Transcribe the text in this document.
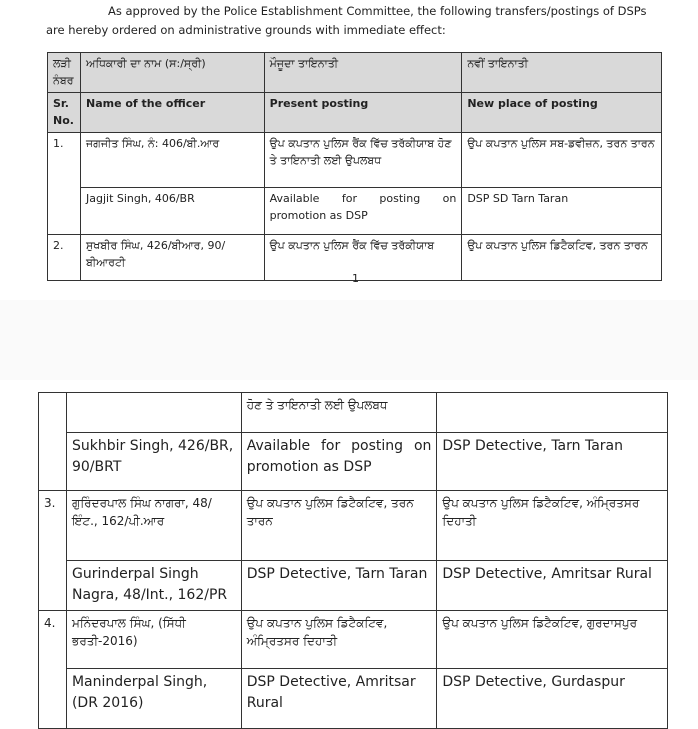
As approved by the Police Establishment Committee, the following transfers/postings of DSPs
are hereby ordered on administrative grounds with immediate effect:
ਲੜੀ ਨੰਬਰ	ਅਧਿਕਾਰੀ ਦਾ ਨਾਮ (ਸ:/ਸ੍ਰੀ)	ਮੌਜੂਦਾ ਤਾਇਨਾਤੀ	ਨਵੀਂ ਤਾਇਨਾਤੀ
Sr. No.	Name of the officer	Present posting	New place of posting
1.	ਜਗਜੀਤ ਸਿੰਘ, ਨੰ: 406/ਬੀ.ਆਰ	ਉਪ ਕਪਤਾਨ ਪੁਲਿਸ ਰੈਂਕ ਵਿੱਚ ਤਰੱਕੀਯਾਬ ਹੋਣ ਤੇ ਤਾਇਨਾਤੀ ਲਈ ਉਪਲਬਧ	ਉਪ ਕਪਤਾਨ ਪੁਲਿਸ ਸਬ-ਡਵੀਜ਼ਨ, ਤਰਨ ਤਾਰਨ
	Jagjit Singh, 406/BR	Available for posting on promotion as DSP	DSP SD Tarn Taran
2.	ਸੁਖਬੀਰ ਸਿੰਘ, 426/ਬੀਆਰ, 90/ਬੀਆਰਟੀ	ਉਪ ਕਪਤਾਨ ਪੁਲਿਸ ਰੈਂਕ ਵਿੱਚ ਤਰੱਕੀਯਾਬ	ਉਪ ਕਪਤਾਨ ਪੁਲਿਸ ਡਿਟੈਕਟਿਵ, ਤਰਨ ਤਾਰਨ
1
		ਹੋਣ ਤੇ ਤਾਇਨਾਤੀ ਲਈ ਉਪਲਬਧ	
	Sukhbir Singh, 426/BR, 90/BRT	Available for posting on promotion as DSP	DSP Detective, Tarn Taran
3.	ਗੁਰਿੰਦਰਪਾਲ ਸਿੰਘ ਨਾਗਰਾ, 48/ਇੰਟ., 162/ਪੀ.ਆਰ	ਉਪ ਕਪਤਾਨ ਪੁਲਿਸ ਡਿਟੈਕਟਿਵ, ਤਰਨ ਤਾਰਨ	ਉਪ ਕਪਤਾਨ ਪੁਲਿਸ ਡਿਟੈਕਟਿਵ, ਅੰਮ੍ਰਿਤਸਰ ਦਿਹਾਤੀ
	Gurinderpal Singh Nagra, 48/Int., 162/PR	DSP Detective, Tarn Taran	DSP Detective, Amritsar Rural
4.	ਮਨਿੰਦਰਪਾਲ ਸਿੰਘ, (ਸਿੱਧੀ ਭਰਤੀ-2016)	ਉਪ ਕਪਤਾਨ ਪੁਲਿਸ ਡਿਟੈਕਟਿਵ, ਅੰਮ੍ਰਿਤਸਰ ਦਿਹਾਤੀ	ਉਪ ਕਪਤਾਨ ਪੁਲਿਸ ਡਿਟੈਕਟਿਵ, ਗੁਰਦਾਸਪੁਰ
	Maninderpal Singh, (DR 2016)	DSP Detective, Amritsar Rural	DSP Detective, Gurdaspur
